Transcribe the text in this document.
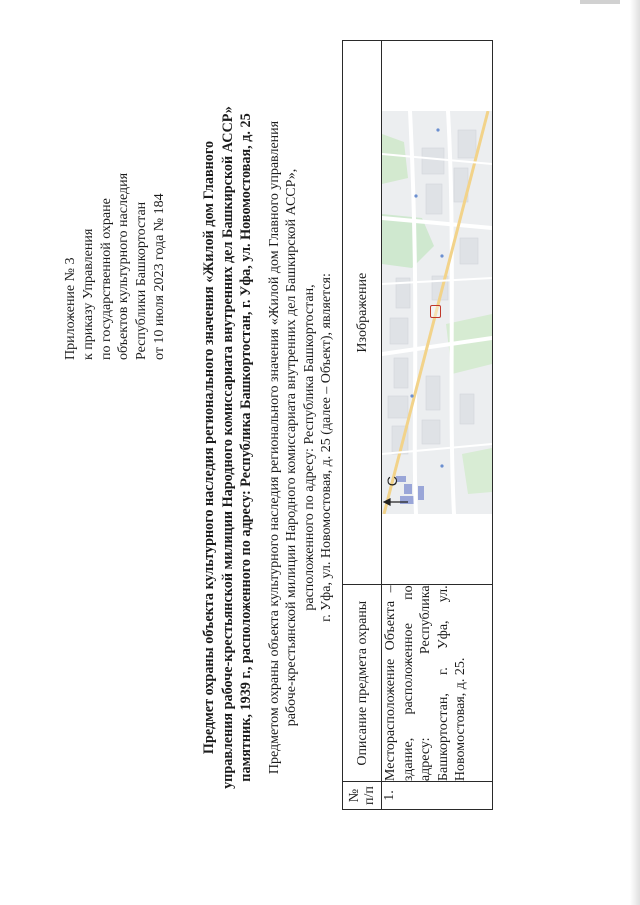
Приложение № 3 к приказу Управления по государственной охране объектов культурного наследия Республики Башкортостан от 10 июля 2023 года № 184 Предмет охраны объекта культурного наследия регионального значения «Жилой дом Главного управления рабоче-крестьянской милиции Народного комиссариата внутренних дел Башкирской АССР» памятник, 1939 г., расположенного по адресу: Республика Башкортостан, г. Уфа, ул. Новомостовая, д. 25 Предметом охраны объекта культурного наследия регионального значения «Жилой дом Главного управления рабоче-крестьянской милиции Народного комиссариата внутренних дел Башкирской АССР», расположенного по адресу: Республика Башкортостан, г. Уфа, ул. Новомостовая, д. 25 (далее – Объект), является:
№
п/п	Описание предмета охраны	Изображение
1.	Месторасположение Объекта – здание, расположенное по адресу: Республика Башкортостан, г. Уфа, ул. Новомостовая, д. 25.	С
